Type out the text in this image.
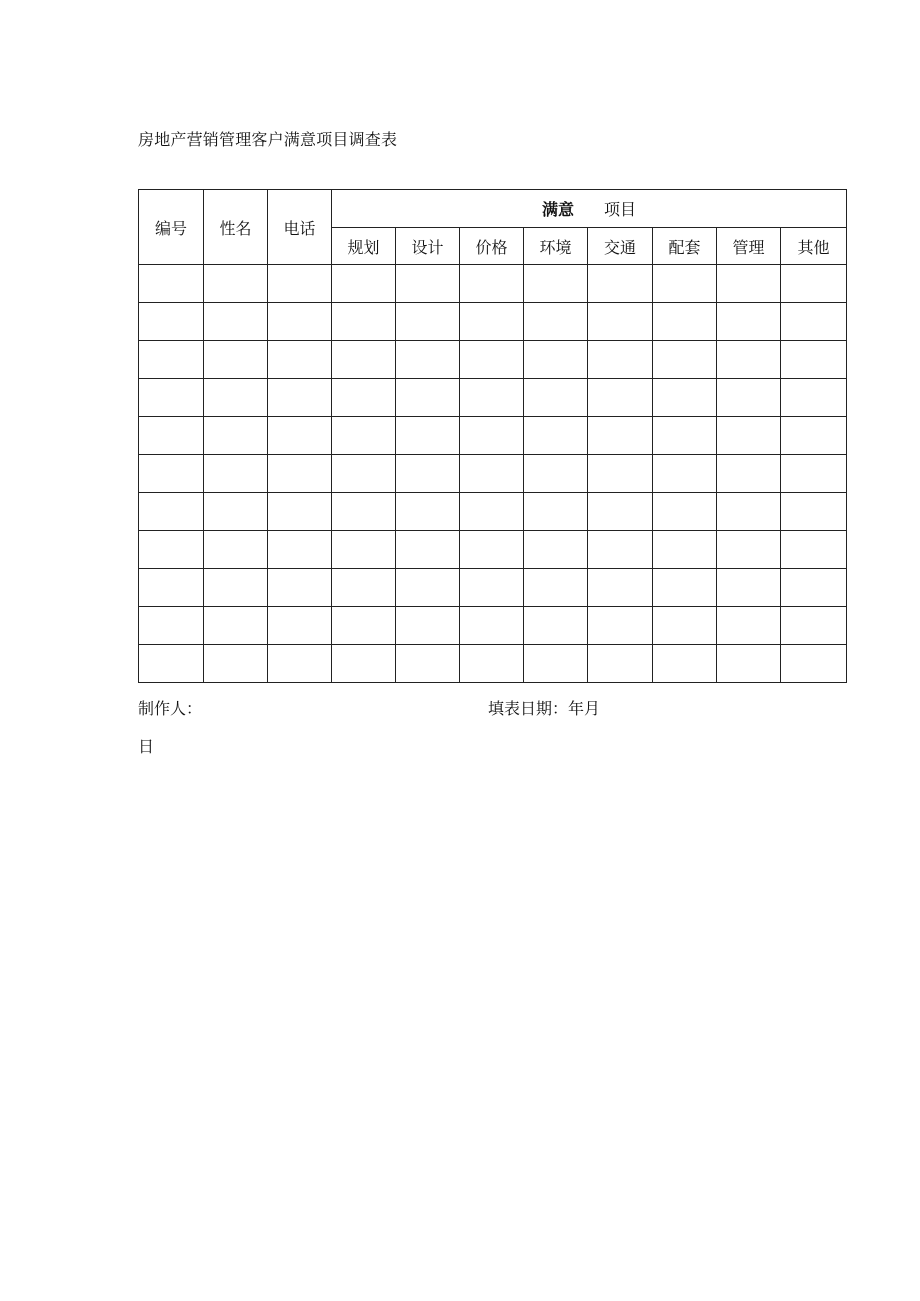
房地产营销管理客户满意项目调查表
编号	性名	电话	满意 项目							
			规划	设计	价格	环境	交通	配套	管理	其他

制作人：	填表日期：年月
日
